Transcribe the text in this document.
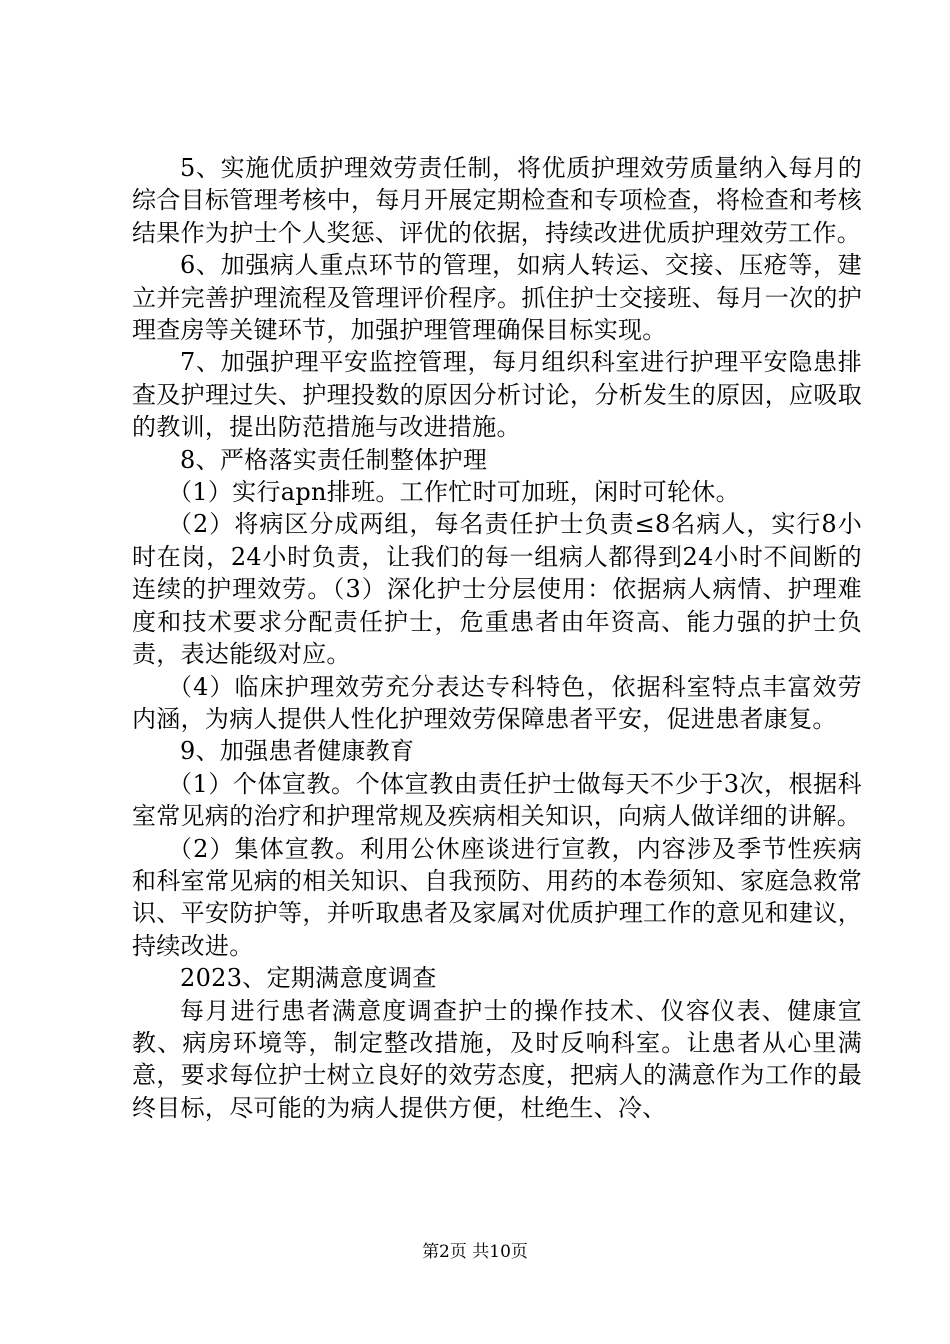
5、实施优质护理效劳责任制，将优质护理效劳质量纳入每月的综合目标管理考核中，每月开展定期检查和专项检查，将检查和考核结果作为护士个人奖惩、评优的依据，持续改进优质护理效劳工作。

6、加强病人重点环节的管理，如病人转运、交接、压疮等，建立并完善护理流程及管理评价程序。抓住护士交接班、每月一次的护理查房等关键环节，加强护理管理确保目标实现。

7、加强护理平安监控管理，每月组织科室进行护理平安隐患排查及护理过失、护理投数的原因分析讨论，分析发生的原因，应吸取的教训，提出防范措施与改进措施。

8、严格落实责任制整体护理

（1）实行apn排班。工作忙时可加班，闲时可轮休。

（2）将病区分成两组，每名责任护士负责≤8名病人，实行8小时在岗，24小时负责，让我们的每一组病人都得到24小时不间断的连续的护理效劳。（3）深化护士分层使用：依据病人病情、护理难度和技术要求分配责任护士，危重患者由年资高、能力强的护士负责，表达能级对应。

（4）临床护理效劳充分表达专科特色，依据科室特点丰富效劳内涵，为病人提供人性化护理效劳保障患者平安，促进患者康复。

9、加强患者健康教育

（1）个体宣教。个体宣教由责任护士做每天不少于3次，根据科室常见病的治疗和护理常规及疾病相关知识，向病人做详细的讲解。

（2）集体宣教。利用公休座谈进行宣教，内容涉及季节性疾病和科室常见病的相关知识、自我预防、用药的本卷须知、家庭急救常识、平安防护等，并听取患者及家属对优质护理工作的意见和建议，持续改进。

2023、定期满意度调查

每月进行患者满意度调查护士的操作技术、仪容仪表、健康宣教、病房环境等，制定整改措施，及时反响科室。让患者从心里满意，要求每位护士树立良好的效劳态度，把病人的满意作为工作的最终目标，尽可能的为病人提供方便，杜绝生、冷、

第2页 共10页
